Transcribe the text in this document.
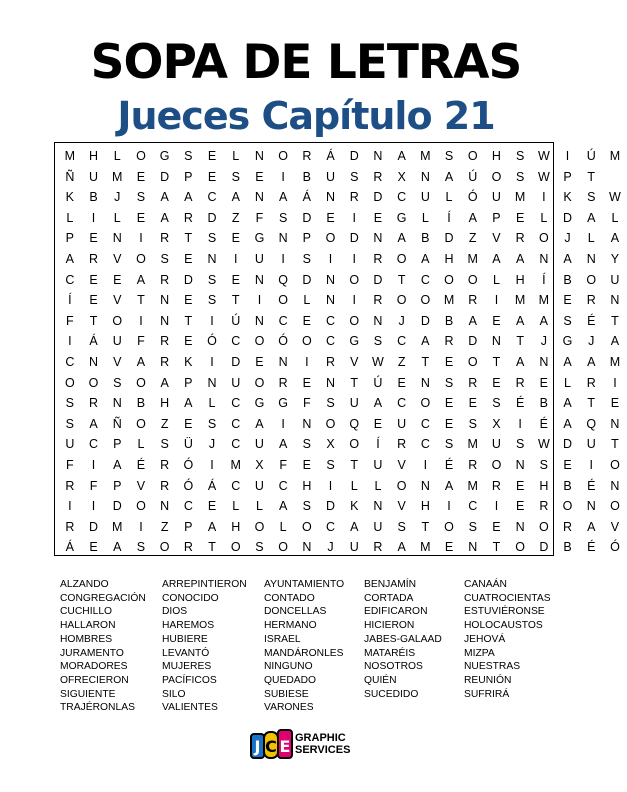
SOPA DE LETRAS
Jueces Capítulo 21
M	H	L	O	G	S	E	L	N	O	R	Á	D	N	A	M	S	O	H	S	W	I	Ú	M
Ñ	U	M	E	D	P	E	S	E	I	B	U	S	R	X	N	A	Ú	O	S	W	P	T
K	B	J	S	A	A	C	A	N	A	Á	N	R	D	C	U	L	Ó	U	M	I	K	S	W
L	I	L	E	A	R	D	Z	F	S	D	E	I	E	G	L	Í	A	P	E	L	D	A	L
P	E	N	I	R	T	S	E	G	N	P	O	D	N	A	B	D	Z	V	R	O	J	L	A
A	R	V	O	S	E	N	I	U	I	S	I	I	R	O	A	H	M	A	A	N	A	N	Y
C	E	E	A	R	D	S	E	N	Q	D	N	O	D	T	C	O	O	L	H	Í	B	O	U
Í	E	V	T	N	E	S	T	I	O	L	N	I	R	O	O	M	R	I	M	M	E	R	N
F	T	O	I	N	T	I	Ú	N	C	E	C	O	N	J	D	B	A	E	A	A	S	É	T
I	Á	U	F	R	E	Ó	C	O	Ó	O	C	G	S	C	A	R	D	N	T	J	G	J	A
C	N	V	A	R	K	I	D	E	N	I	R	V	W	Z	T	E	O	T	A	N	A	A	M
O	O	S	O	A	P	N	U	O	R	E	N	T	Ú	E	N	S	R	E	R	E	L	R	I
S	R	N	B	H	A	L	C	G	G	F	S	U	A	C	O	E	E	S	É	B	A	T	E
S	A	Ñ	O	Z	E	S	C	A	I	N	O	Q	E	U	C	E	S	X	I	É	A	Q	N
U	C	P	L	S	Ü	J	C	U	A	S	X	O	Í	R	C	S	M	U	S	W	D	U	T
F	I	A	É	R	Ó	I	M	X	F	E	S	T	U	V	I	É	R	O	N	S	E	I	O
R	F	P	V	R	Ó	Á	C	U	C	H	I	L	L	O	N	A	M	R	E	H	B	É	N
I	I	D	O	N	C	E	L	L	A	S	D	K	N	V	H	I	C	I	E	R	O	N	O
R	D	M	I	Z	P	A	H	O	L	O	C	A	U	S	T	O	S	E	N	O	R	A	V
Á	E	A	S	O	R	T	O	S	O	N	J	U	R	A	M	E	N	T	O	D	B	É	Ó
ALZANDO
CONGREGACIÓN
CUCHILLO
HALLARON
HOMBRES
JURAMENTO
MORADORES
OFRECIERON
SIGUIENTE
TRAJÉRONLAS
ARREPINTIERON
CONOCIDO
DIOS
HAREMOS
HUBIERE
LEVANTÓ
MUJERES
PACÍFICOS
SILO
VALIENTES
AYUNTAMIENTO
CONTADO
DONCELLAS
HERMANO
ISRAEL
MANDÁRONLES
NINGUNO
QUEDADO
SUBIESE
VARONES
BENJAMÍN
CORTADA
EDIFICARON
HICIERON
JABES-GALAAD
MATARÉIS
NOSOTROS
QUIÉN
SUCEDIDO
CANAÁN
CUATROCIENTAS
ESTUVIÉRONSE
HOLOCAUSTOS
JEHOVÁ
MIZPA
NUESTRAS
REUNIÓN
SUFRIRÁ
J C E GRAPHIC
SERVICES
